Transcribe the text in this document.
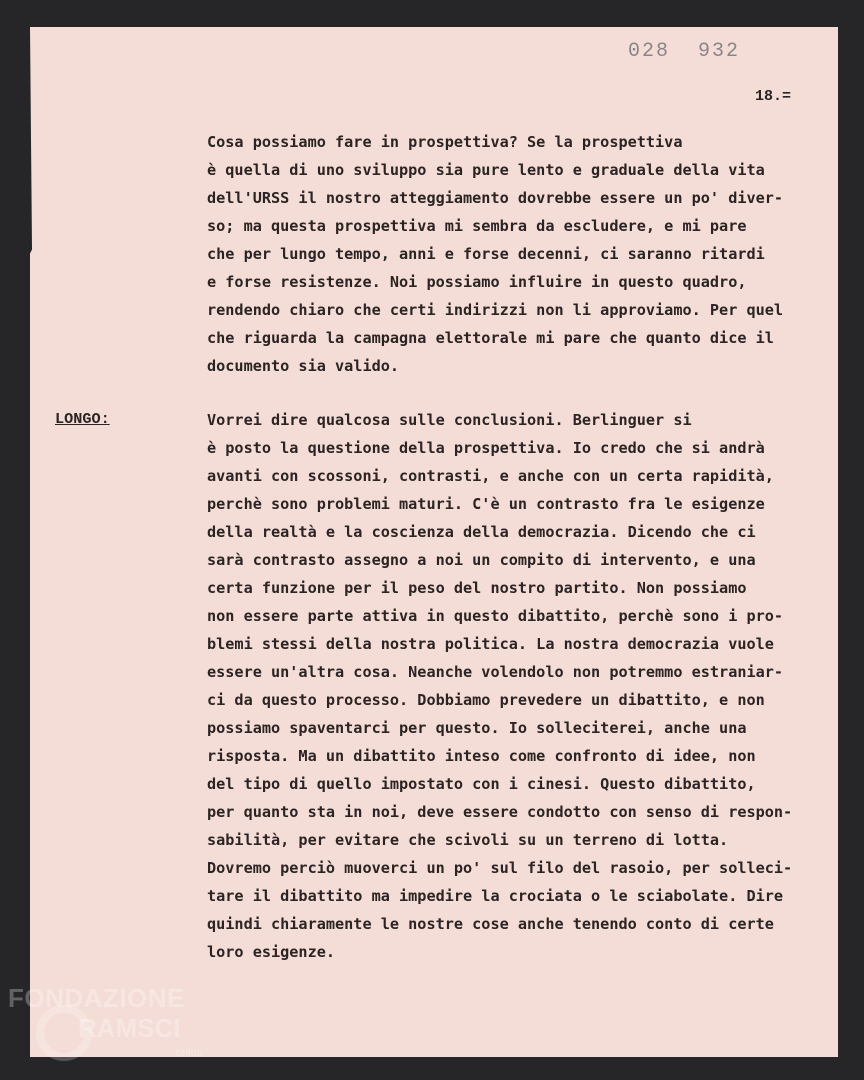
028  932
18.=
Cosa possiamo fare in prospettiva? Se la prospettiva
è quella di uno sviluppo sia pure lento e graduale della vita
dell'URSS il nostro atteggiamento dovrebbe essere un po' diver-
so; ma questa prospettiva mi sembra da escludere, e mi pare
che per lungo tempo, anni e forse decenni, ci saranno ritardi
e forse resistenze. Noi possiamo influire in questo quadro,
rendendo chiaro che certi indirizzi non li approviamo. Per quel
che riguarda la campagna elettorale mi pare che quanto dice il
documento sia valido.
LONGO:	Vorrei dire qualcosa sulle conclusioni. Berlinguer si
è posto la questione della prospettiva. Io credo che si andrà
avanti con scossoni, contrasti, e anche con un certa rapidità,
perchè sono problemi maturi. C'è un contrasto fra le esigenze
della realtà e la coscienza della democrazia. Dicendo che ci
sarà contrasto assegno a noi un compito di intervento, e una
certa funzione per il peso del nostro partito. Non possiamo ​
non essere parte attiva in questo dibattito, perchè sono i pro-
blemi stessi della nostra politica. La nostra democrazia vuole
essere un'altra cosa. Neanche volendolo non potremmo estraniar-
ci da questo processo. Dobbiamo prevedere un dibattito, e non
possiamo spaventarci per questo. Io solleciterei, anche una
risposta. Ma un dibattito inteso come confronto di idee, non
del tipo di quello impostato con i cinesi. Questo dibattito,
per quanto sta in noi, deve essere condotto con senso di respon-
sabilità, per evitare che scivoli su un terreno di lotta.
Dovremo perciò muoverci un po' sul filo del rasoio, per solleci-
tare il dibattito ma impedire la crociata o le sciabolate. Dire
quindi chiaramente le nostre cose anche tenendo conto di certe
loro esigenze.
FONDAZIONE
RAMSCI
onlus
